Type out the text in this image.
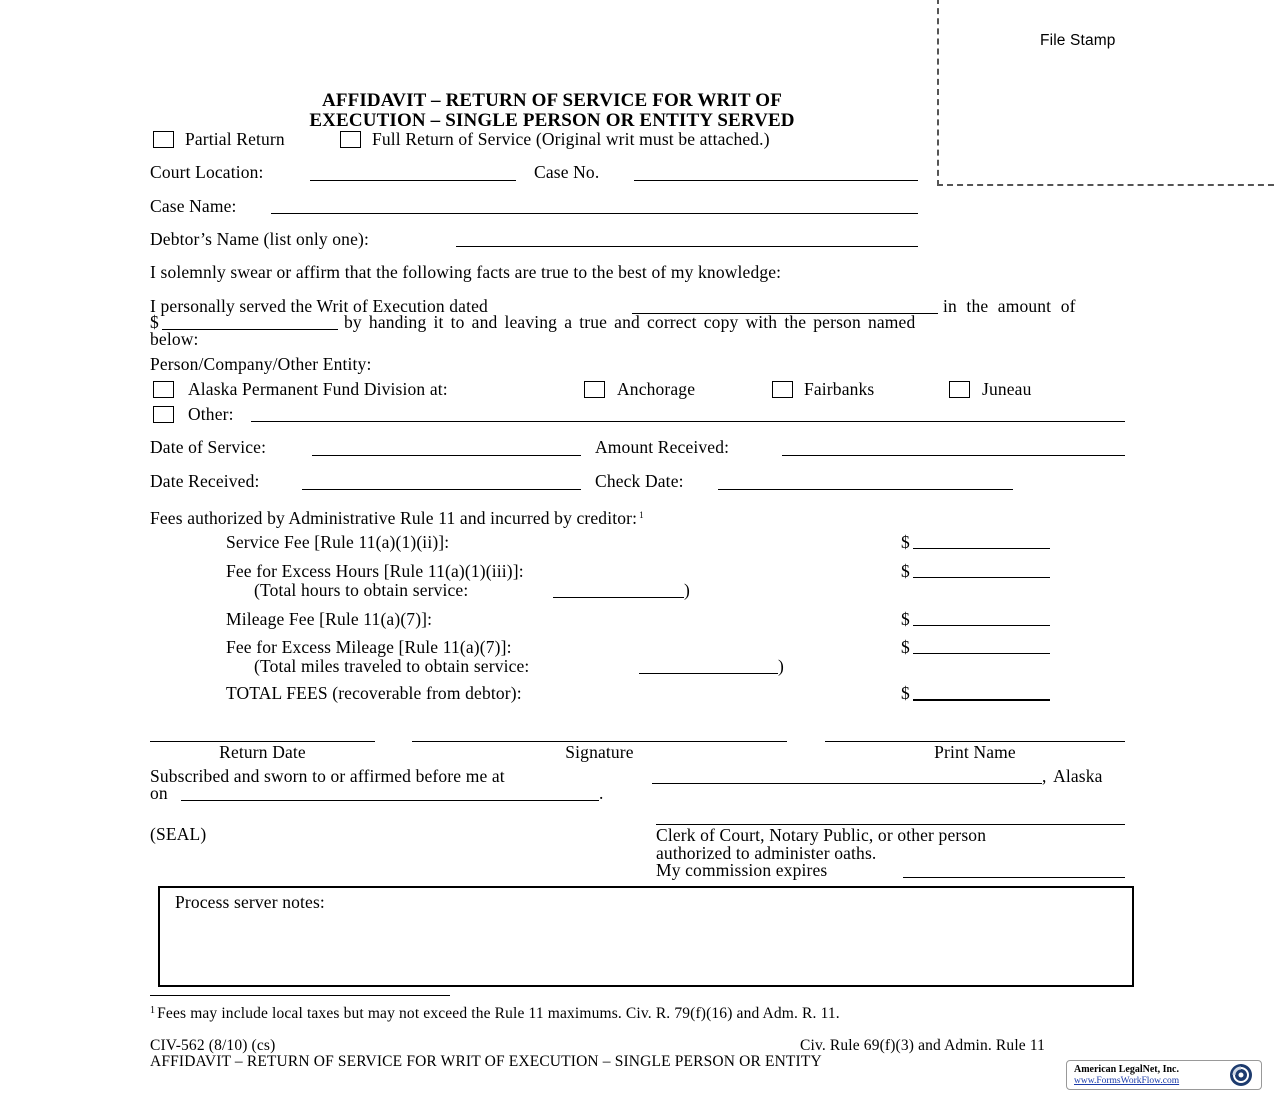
File Stamp
AFFIDAVIT – RETURN OF SERVICE FOR WRIT OF
EXECUTION – SINGLE PERSON OR ENTITY SERVED
Partial Return	Full Return of Service (Original writ must be attached.)
Court Location:	Case No.
Case Name:
Debtor’s Name (list only one):
I solemnly swear or affirm that the following facts are true to the best of my knowledge:
I personally served the Writ of Execution dated	in the amount of
$	by handing it to and leaving a true and correct copy with the person named
below:
Person/Company/Other Entity:
Alaska Permanent Fund Division at:	Anchorage	Fairbanks	Juneau
Other:
Date of Service:	Amount Received:
Date Received:	Check Date:
Fees authorized by Administrative Rule 11 and incurred by creditor: $^1$
Service Fee [Rule 11(a)(1)(ii)]:	$
Fee for Excess Hours [Rule 11(a)(1)(iii)]:	$
(Total hours to obtain service:	)
Mileage Fee [Rule 11(a)(7)]:	$
Fee for Excess Mileage [Rule 11(a)(7)]:	$
(Total miles traveled to obtain service:	)
TOTAL FEES (recoverable from debtor):	$
Return Date	Signature	Print Name
Subscribed and sworn to or affirmed before me at	, Alaska
on	.
(SEAL)	Clerk of Court, Notary Public, or other person
authorized to administer oaths.
My commission expires
Process server notes:
$^1$ Fees may include local taxes but may not exceed the Rule 11 maximums. Civ. R. 79(f)(16) and Adm. R. 11.
CIV-562 (8/10) (cs)	Civ. Rule 69(f)(3) and Admin. Rule 11
AFFIDAVIT – RETURN OF SERVICE FOR WRIT OF EXECUTION – SINGLE PERSON OR ENTITY	American LegalNet, Inc.
www.FormsWorkFlow.com
